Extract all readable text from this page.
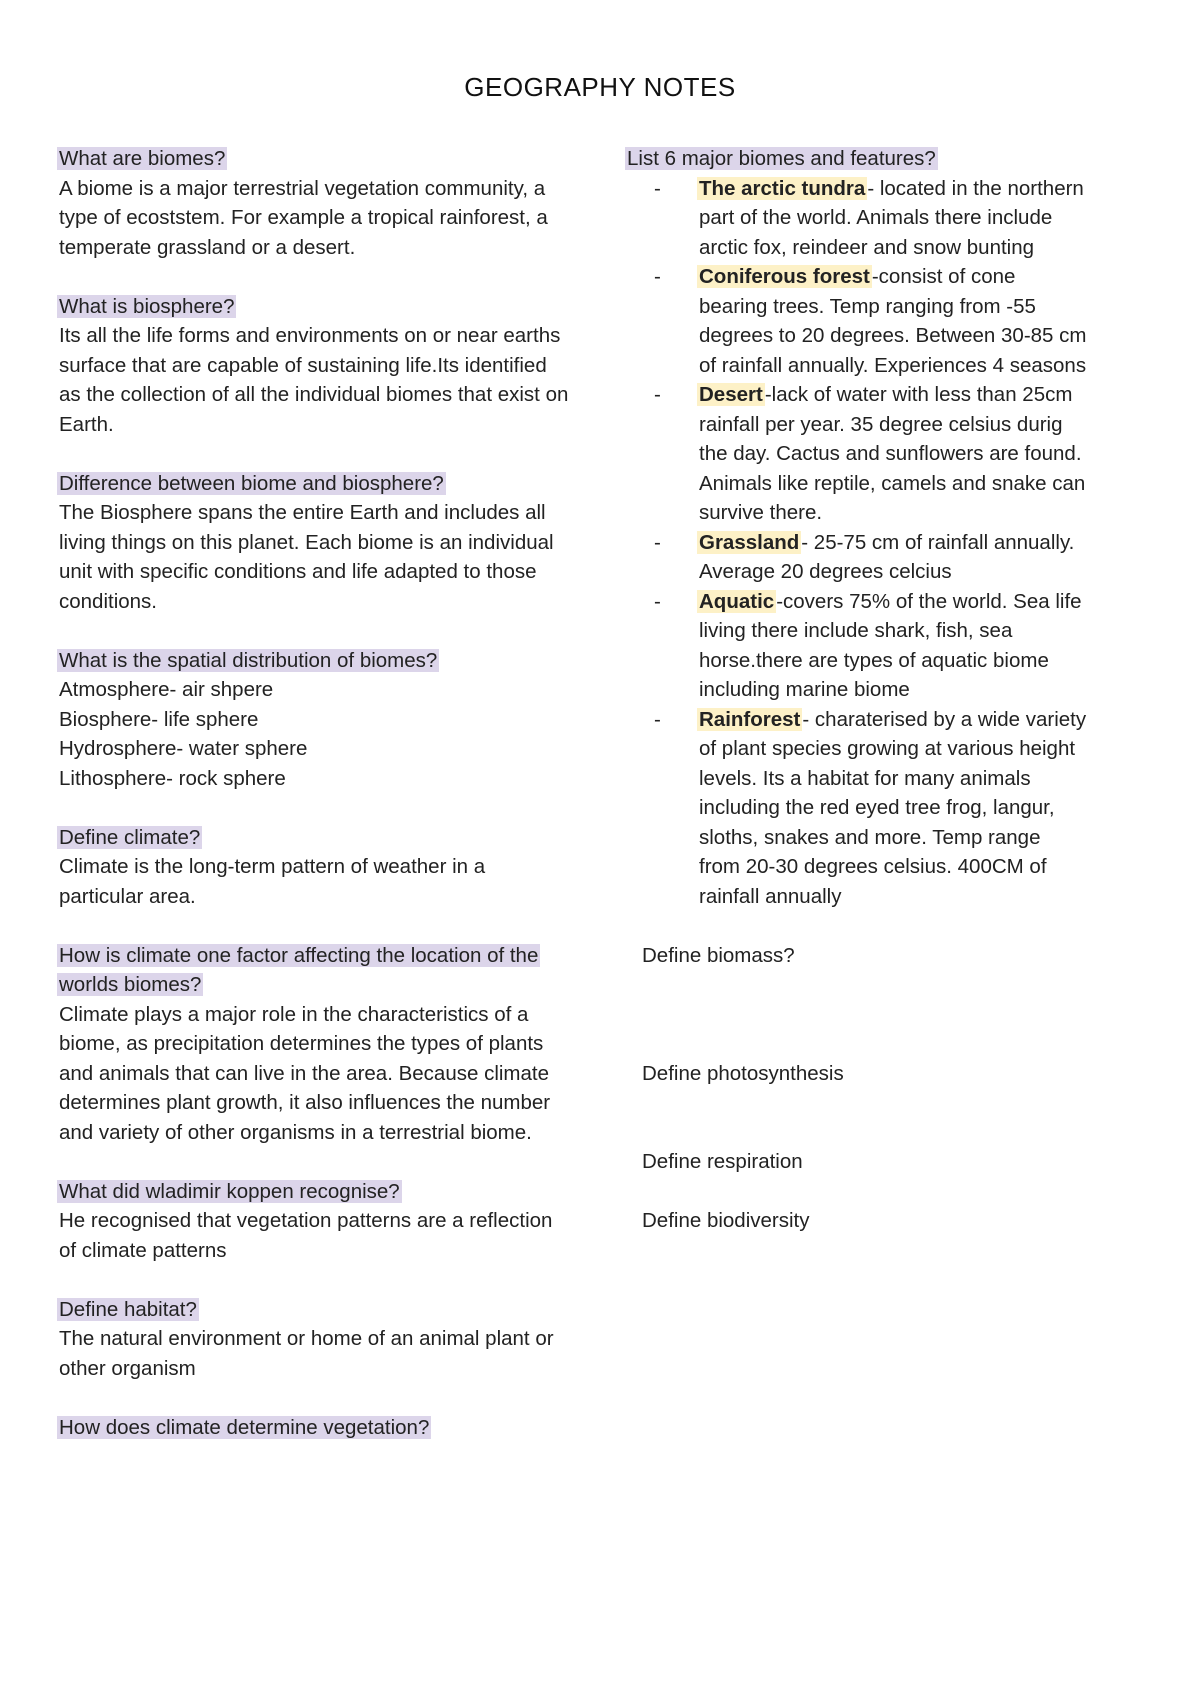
GEOGRAPHY NOTES
What are biomes?
A biome is a major terrestrial vegetation community, a type of ecoststem. For example a tropical rainforest, a temperate grassland or a desert.
What is biosphere?
Its all the life forms and environments on or near earths surface that are capable of sustaining life.Its identified as the collection of all the individual biomes that exist on Earth.
Difference between biome and biosphere?
The Biosphere spans the entire Earth and includes all living things on this planet. Each biome is an individual unit with specific conditions and life adapted to those conditions.
What is the spatial distribution of biomes?
Atmosphere- air shpere
Biosphere- life sphere
Hydrosphere- water sphere
Lithosphere- rock sphere
Define climate?
Climate is the long-term pattern of weather in a particular area.
How is climate one factor affecting the location of the worlds biomes?
Climate plays a major role in the characteristics of a biome, as precipitation determines the types of plants and animals that can live in the area. Because climate determines plant growth, it also influences the number and variety of other organisms in a terrestrial biome.
What did wladimir koppen recognise?
He recognised that vegetation patterns are a reflection of climate patterns
Define habitat?
The natural environment or home of an animal plant or other organism
How does climate determine vegetation?
List 6 major biomes and features?
- The arctic tundra- located in the northern part of the world. Animals there include arctic fox, reindeer and snow bunting
- Coniferous forest-consist of cone bearing trees. Temp ranging from -55 degrees to 20 degrees. Between 30-85 cm of rainfall annually. Experiences 4 seasons
- Desert-lack of water with less than 25cm rainfall per year. 35 degree celsius durig the day. Cactus and sunflowers are found. Animals like reptile, camels and snake can survive there.
- Grassland- 25-75 cm of rainfall annually. Average 20 degrees celcius
- Aquatic-covers 75% of the world. Sea life living there include shark, fish, sea horse.there are types of aquatic biome including marine biome
- Rainforest- charaterised by a wide variety of plant species growing at various height levels. Its a habitat for many animals including the red eyed tree frog, langur, sloths, snakes and more. Temp range from 20-30 degrees celsius. 400CM of rainfall annually
Define biomass?
Define photosynthesis
Define respiration
Define biodiversity
